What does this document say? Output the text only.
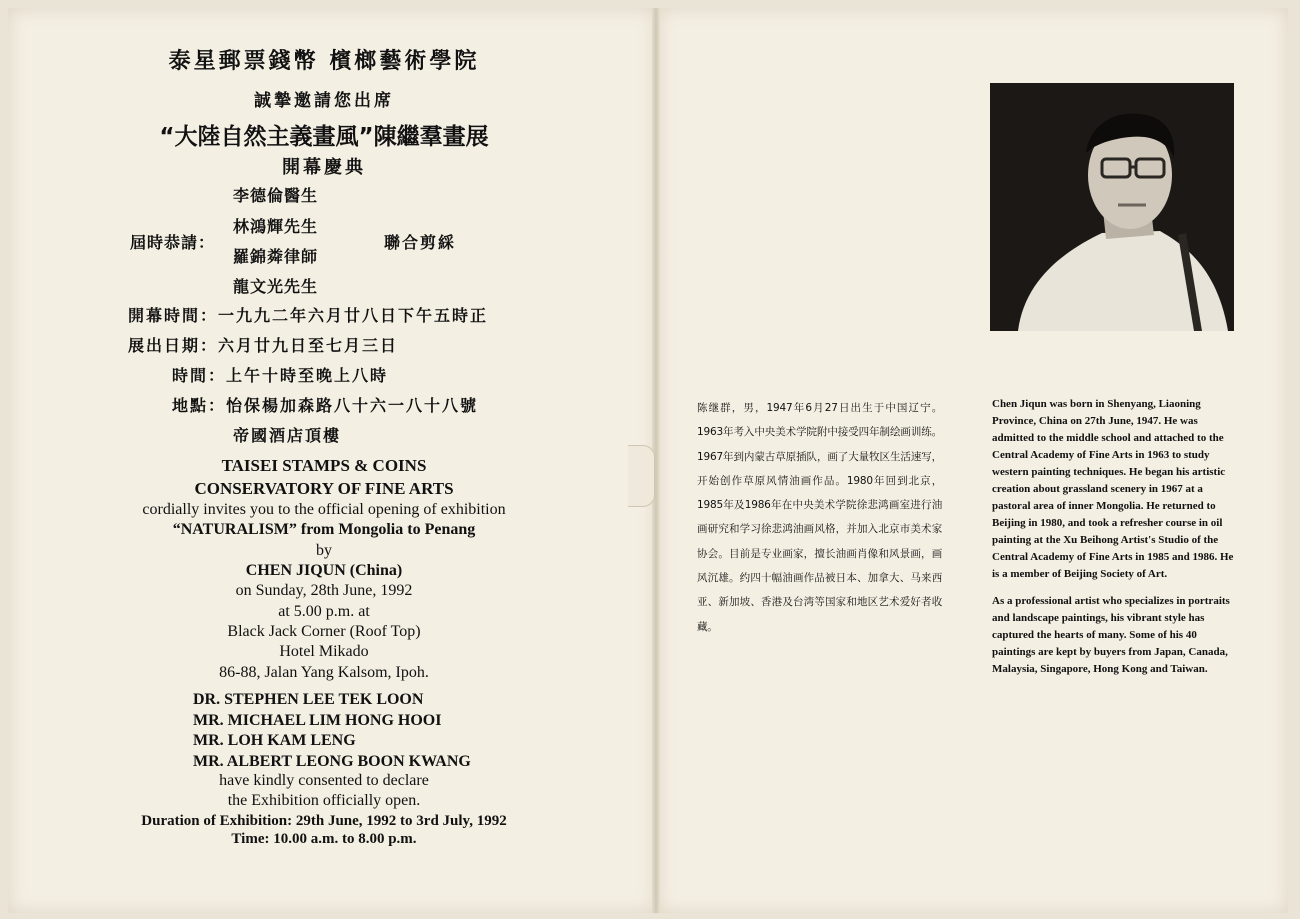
泰星郵票錢幣 檳榔藝術學院
誠摯邀請您出席
“大陸自然主義畫風”陳繼羣畫展
開幕慶典
李德倫醫生
林鴻輝先生
屆時恭請：	聯合剪綵
羅錦粦律師
龍文光先生
開幕時間：一九九二年六月廿八日下午五時正
展出日期：六月廿九日至七月三日
時間：上午十時至晚上八時
地點：怡保楊加森路八十六一八十八號
帝國酒店頂樓
TAISEI STAMPS & COINS
CONSERVATORY OF FINE ARTS
cordially invites you to the official opening of exhibition
“NATURALISM” from Mongolia to Penang
by
CHEN JIQUN (China)
on Sunday, 28th June, 1992
at 5.00 p.m. at
Black Jack Corner (Roof Top)
Hotel Mikado
86-88, Jalan Yang Kalsom, Ipoh.
DR. STEPHEN LEE TEK LOON
MR. MICHAEL LIM HONG HOOI
MR. LOH KAM LENG
MR. ALBERT LEONG BOON KWANG
have kindly consented to declare
the Exhibition officially open.
Duration of Exhibition: 29th June, 1992 to 3rd July, 1992
Time: 10.00 a.m. to 8.00 p.m.
陈继群，男，1947年6月27日出生于中国辽宁。1963年考入中央美术学院附中接受四年制绘画训练。1967年到内蒙古草原插队，画了大量牧区生活速写，开始创作草原风情油画作品。1980年回到北京，1985年及1986年在中央美术学院徐悲鸿画室进行油画研究和学习徐悲鸿油画风格，并加入北京市美术家协会。目前是专业画家，擅长油画肖像和风景画，画风沉雄。约四十幅油画作品被日本、加拿大、马来西亚、新加坡、香港及台湾等国家和地区艺术爱好者收藏。

Chen Jiqun was born in Shenyang, Liaoning Province, China on 27th June, 1947. He was admitted to the middle school and attached to the Central Academy of Fine Arts in 1963 to study western painting techniques. He began his artistic creation about grassland scenery in 1967 at a pastoral area of inner Mongolia. He returned to Beijing in 1980, and took a refresher course in oil painting at the Xu Beihong Artist's Studio of the Central Academy of Fine Arts in 1985 and 1986. He is a member of Beijing Society of Art.

As a professional artist who specializes in portraits and landscape paintings, his vibrant style has captured the hearts of many. Some of his 40 paintings are kept by buyers from Japan, Canada, Malaysia, Singapore, Hong Kong and Taiwan.
